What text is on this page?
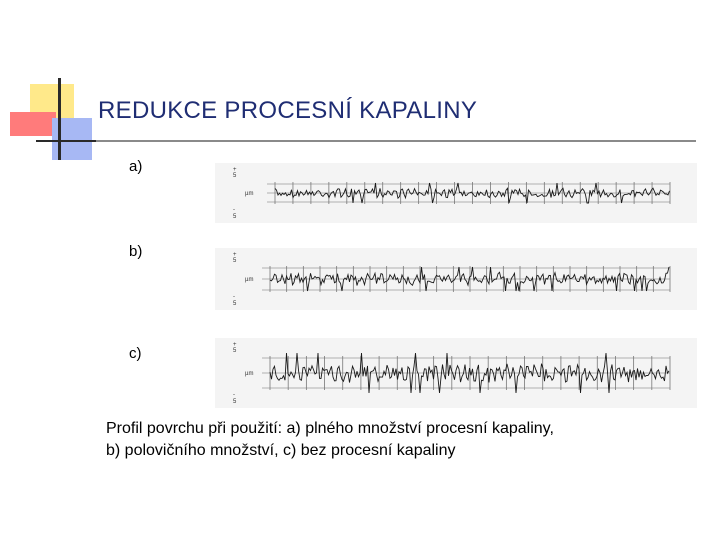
REDUKCE PROCESNÍ KAPALINY
a)
b)
c)
+
5
µm
-
5
+
5
µm
-
5
+
5
µm
-
5
Profil povrchu při použití: a) plného množství procesní kapaliny,
b) polovičního množství, c) bez procesní kapaliny
